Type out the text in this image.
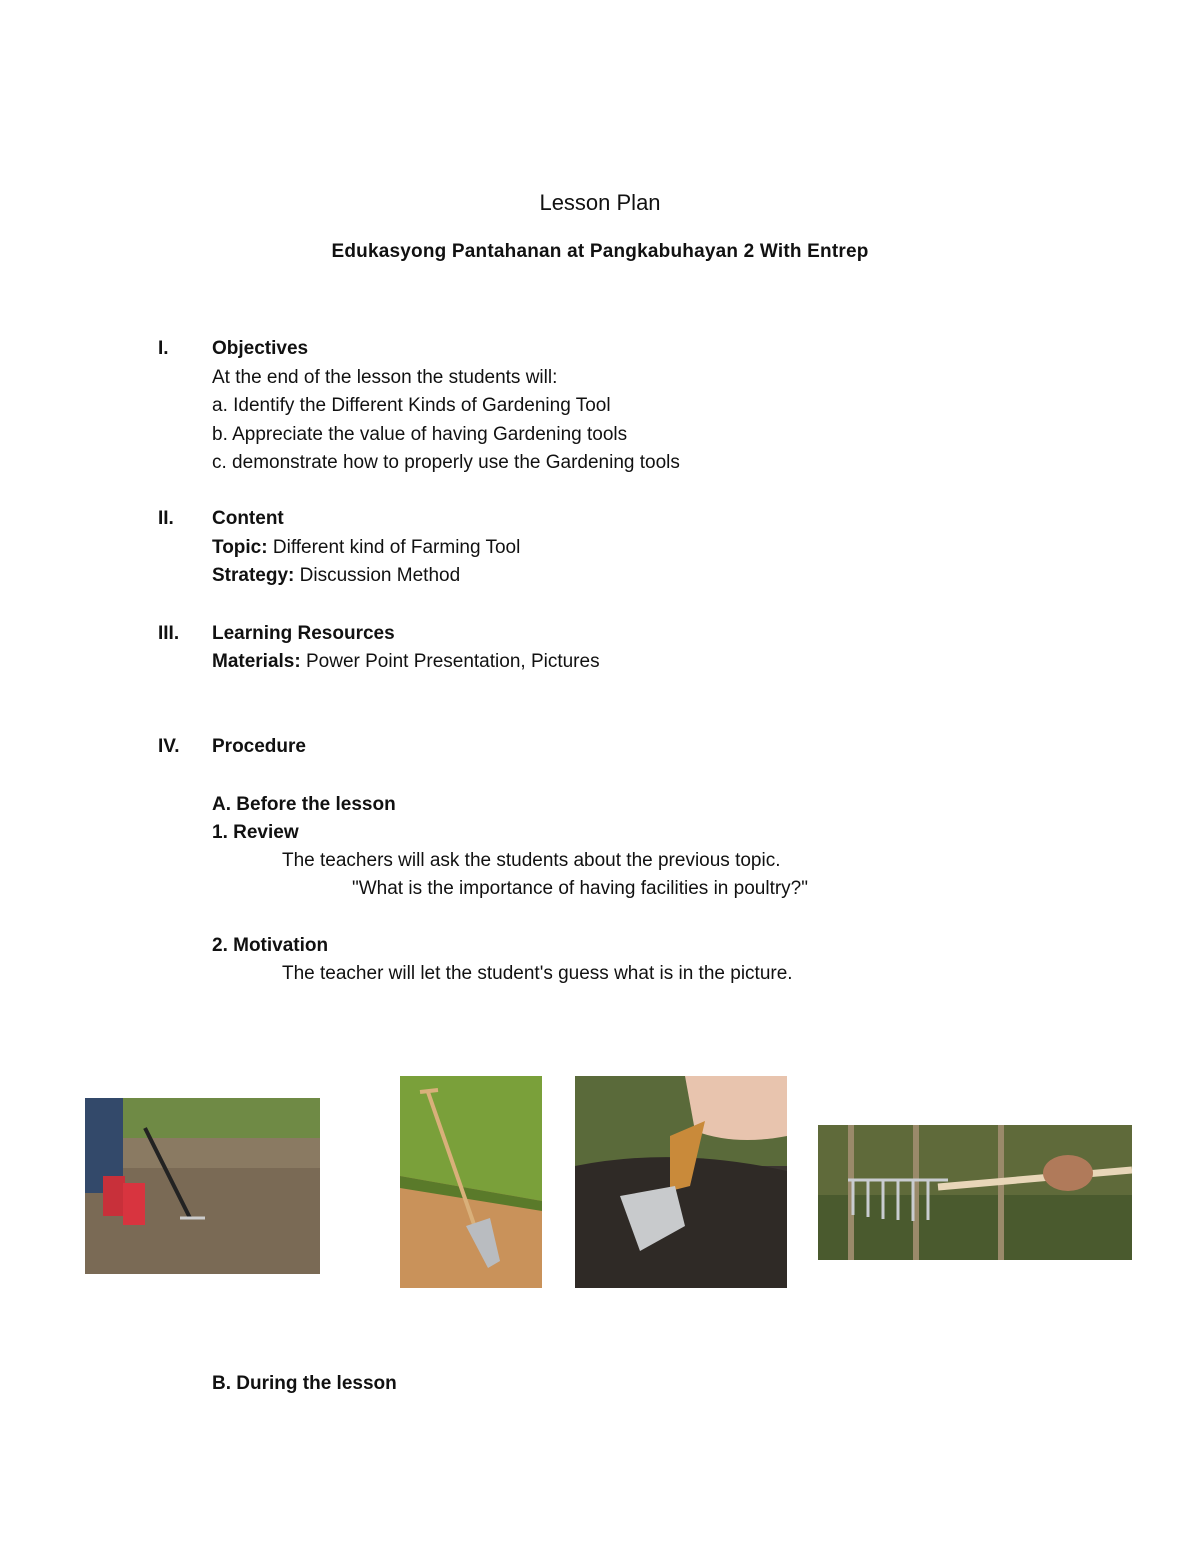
Lesson Plan
Edukasyong Pantahanan at Pangkabuhayan 2 With Entrep
I. Objectives
At the end of the lesson the students will:
a. Identify the Different Kinds of Gardening Tool
b. Appreciate the value of having Gardening tools
c. demonstrate how to properly use the Gardening tools
II. Content
Topic: Different kind of Farming Tool
Strategy: Discussion Method
III. Learning Resources
Materials: Power Point Presentation, Pictures
IV. Procedure
A. Before the lesson
1. Review
The teachers will ask the students about the previous topic.
"What is the importance of having facilities in poultry?"
2. Motivation
The teacher will let the student's guess what is in the picture.
B. During the lesson
